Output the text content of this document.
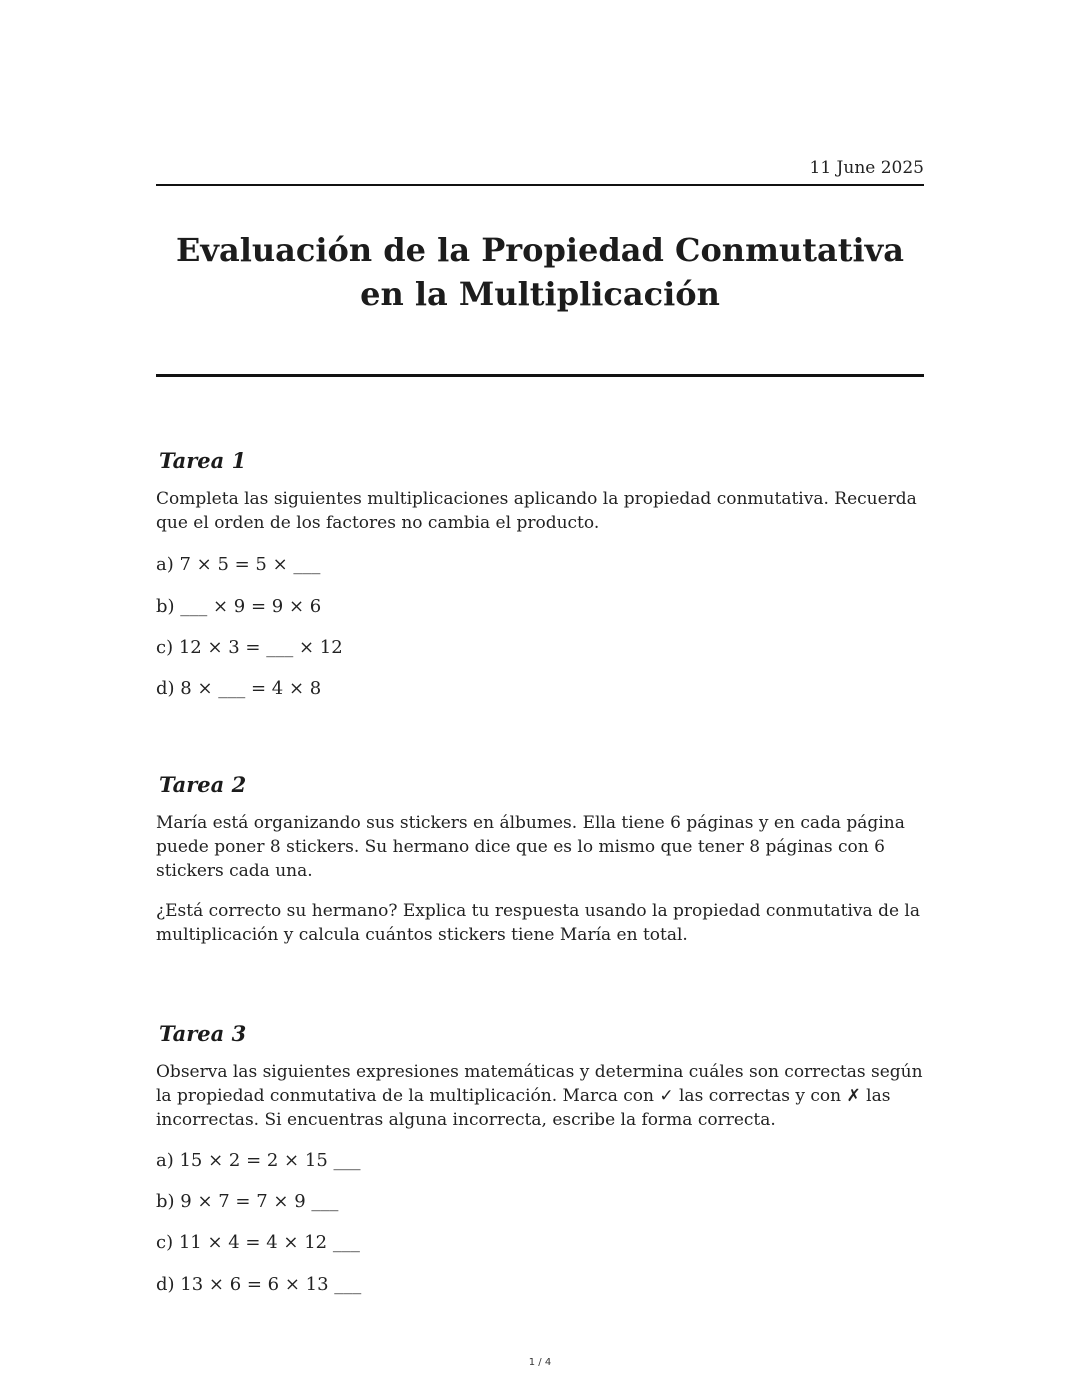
11 June 2025
Evaluación de la Propiedad Conmutativa en la Multiplicación
Tarea 1
Completa las siguientes multiplicaciones aplicando la propiedad conmutativa. Recuerda que el orden de los factores no cambia el producto.
a) 7 × 5 = 5 × ___
b) ___ × 9 = 9 × 6
c) 12 × 3 = ___ × 12
d) 8 × ___ = 4 × 8
Tarea 2
María está organizando sus stickers en álbumes. Ella tiene 6 páginas y en cada página puede poner 8 stickers. Su hermano dice que es lo mismo que tener 8 páginas con 6 stickers cada una.
¿Está correcto su hermano? Explica tu respuesta usando la propiedad conmutativa de la multiplicación y calcula cuántos stickers tiene María en total.
Tarea 3
Observa las siguientes expresiones matemáticas y determina cuáles son correctas según la propiedad conmutativa de la multiplicación. Marca con ✓ las correctas y con ✗ las incorrectas. Si encuentras alguna incorrecta, escribe la forma correcta.
a) 15 × 2 = 2 × 15 ___
b) 9 × 7 = 7 × 9 ___
c) 11 × 4 = 4 × 12 ___
d) 13 × 6 = 6 × 13 ___
1 / 4
